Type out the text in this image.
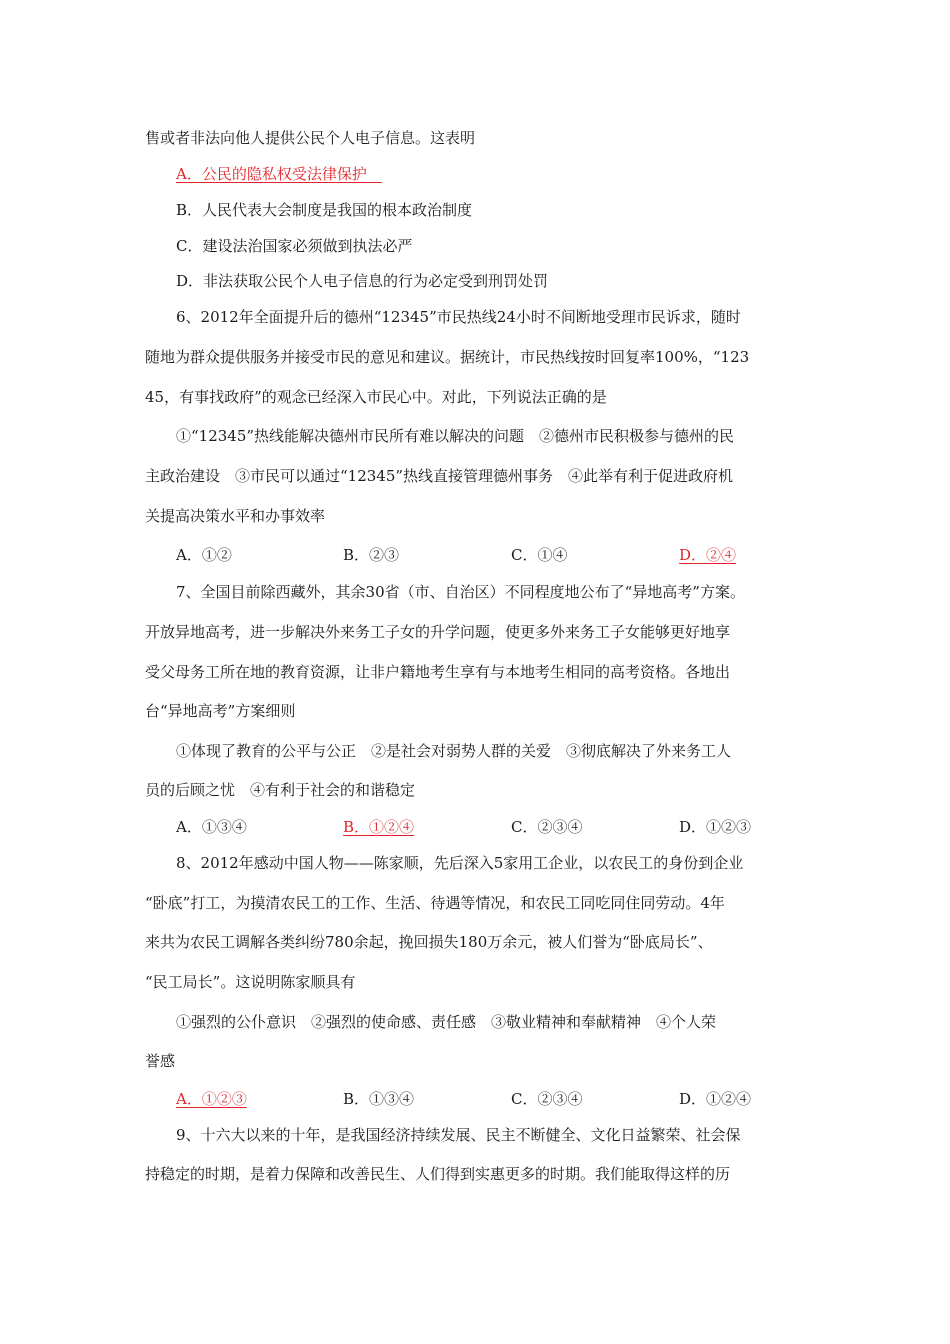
售或者非法向他人提供公民个人电子信息。这表明
A．公民的隐私权受法律保护　
B．人民代表大会制度是我国的根本政治制度
C．建设法治国家必须做到执法必严
D．非法获取公民个人电子信息的行为必定受到刑罚处罚
6、2012年全面提升后的德州“12345”市民热线24小时不间断地受理市民诉求，随时
随地为群众提供服务并接受市民的意见和建议。据统计，市民热线按时回复率100%，“123
45，有事找政府”的观念已经深入市民心中。对此，下列说法正确的是
①“12345”热线能解决德州市民所有难以解决的问题　②德州市民积极参与德州的民
主政治建设　③市民可以通过“12345”热线直接管理德州事务　④此举有利于促进政府机
关提高决策水平和办事效率
A．①②	B．②③	C．①④	D．②④
7、全国目前除西藏外，其余30省（市、自治区）不同程度地公布了“异地高考”方案。
开放异地高考，进一步解决外来务工子女的升学问题，使更多外来务工子女能够更好地享
受父母务工所在地的教育资源，让非户籍地考生享有与本地考生相同的高考资格。各地出
台“异地高考”方案细则
①体现了教育的公平与公正　②是社会对弱势人群的关爱　③彻底解决了外来务工人
员的后顾之忧　④有利于社会的和谐稳定
A．①③④	B．①②④	C．②③④	D．①②③
8、2012年感动中国人物——陈家顺，先后深入5家用工企业，以农民工的身份到企业
“卧底”打工，为摸清农民工的工作、生活、待遇等情况，和农民工同吃同住同劳动。4年
来共为农民工调解各类纠纷780余起，挽回损失180万余元，被人们誉为“卧底局长”、
“民工局长”。这说明陈家顺具有
①强烈的公仆意识　②强烈的使命感、责任感　③敬业精神和奉献精神　④个人荣
誉感
A．①②③	B．①③④	C．②③④	D．①②④
9、十六大以来的十年，是我国经济持续发展、民主不断健全、文化日益繁荣、社会保
持稳定的时期，是着力保障和改善民生、人们得到实惠更多的时期。我们能取得这样的历
